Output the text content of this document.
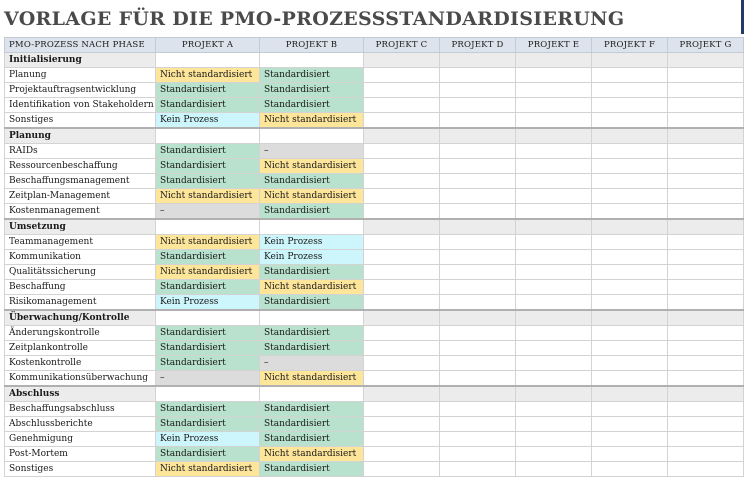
VORLAGE FÜR DIE PMO-PROZESSSTANDARDISIERUNG
PMO-PROZESS NACH PHASE	PROJEKT A	PROJEKT B	PROJEKT C	PROJEKT D	PROJEKT E	PROJEKT F	PROJEKT G
Initialisierung							
Planung	Nicht standardisiert	Standardisiert					
Projektauftragsentwicklung	Standardisiert	Standardisiert					
Identifikation von Stakeholdern	Standardisiert	Standardisiert					
Sonstiges	Kein Prozess	Nicht standardisiert					
Planung							
RAIDs	Standardisiert	–					
Ressourcenbeschaffung	Standardisiert	Nicht standardisiert					
Beschaffungsmanagement	Standardisiert	Standardisiert					
Zeitplan-Management	Nicht standardisiert	Nicht standardisiert					
Kostenmanagement	–	Standardisiert					
Umsetzung							
Teammanagement	Nicht standardisiert	Kein Prozess					
Kommunikation	Standardisiert	Kein Prozess					
Qualitätssicherung	Nicht standardisiert	Standardisiert					
Beschaffung	Standardisiert	Nicht standardisiert					
Risikomanagement	Kein Prozess	Standardisiert					
Überwachung/Kontrolle							
Änderungskontrolle	Standardisiert	Standardisiert					
Zeitplankontrolle	Standardisiert	Standardisiert					
Kostenkontrolle	Standardisiert	–					
Kommunikationsüberwachung	–	Nicht standardisiert					
Abschluss							
Beschaffungsabschluss	Standardisiert	Standardisiert					
Abschlussberichte	Standardisiert	Standardisiert					
Genehmigung	Kein Prozess	Standardisiert					
Post-Mortem	Standardisiert	Nicht standardisiert					
Sonstiges	Nicht standardisiert	Standardisiert					
